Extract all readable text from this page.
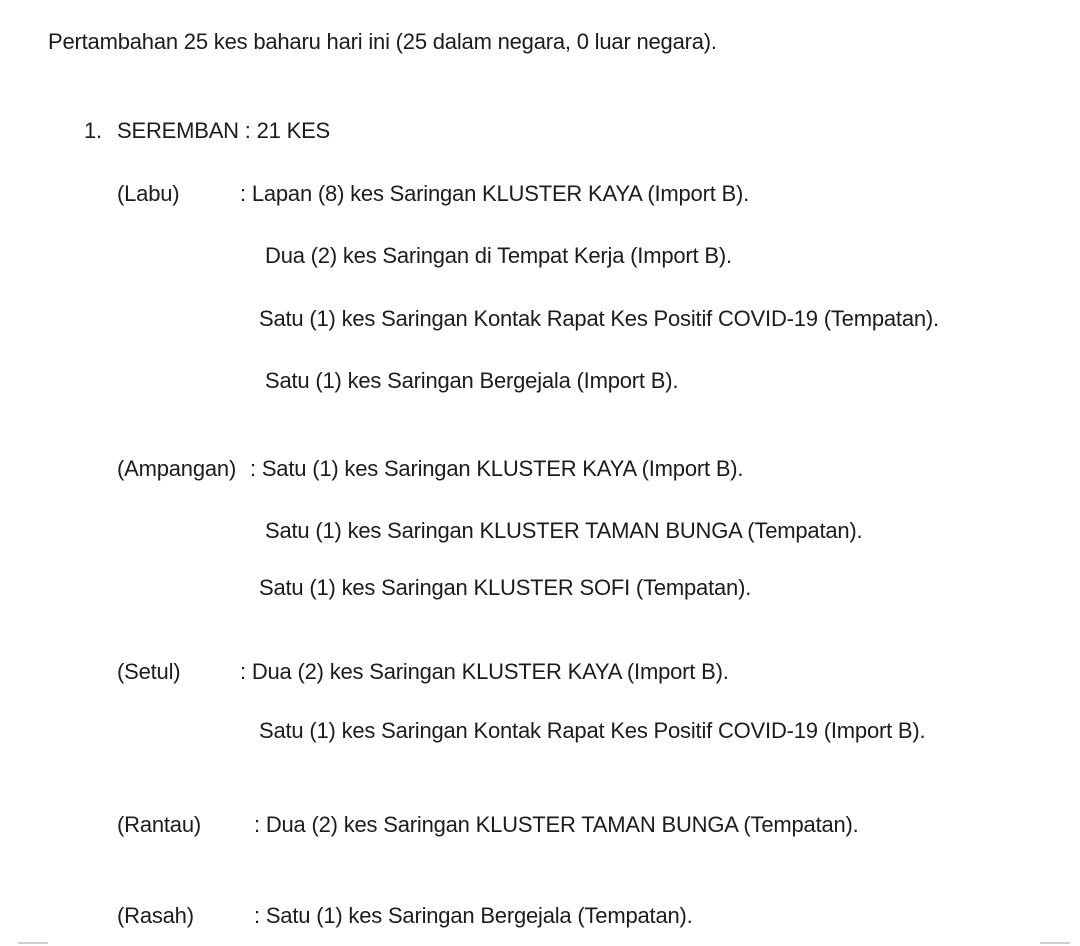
Pertambahan 25 kes baharu hari ini (25 dalam negara, 0 luar negara).
1. SEREMBAN : 21 KES
(Labu)	: Lapan (8) kes Saringan KLUSTER KAYA (Import B).
Dua (2) kes Saringan di Tempat Kerja (Import B).
Satu (1) kes Saringan Kontak Rapat Kes Positif COVID-19 (Tempatan).
Satu (1) kes Saringan Bergejala (Import B).
(Ampangan) : Satu (1) kes Saringan KLUSTER KAYA (Import B).
Satu (1) kes Saringan KLUSTER TAMAN BUNGA (Tempatan).
Satu (1) kes Saringan KLUSTER SOFI (Tempatan).
(Setul)	: Dua (2) kes Saringan KLUSTER KAYA (Import B).
Satu (1) kes Saringan Kontak Rapat Kes Positif COVID-19 (Import B).
(Rantau) : Dua (2) kes Saringan KLUSTER TAMAN BUNGA (Tempatan).
(Rasah)	: Satu (1) kes Saringan Bergejala (Tempatan).
